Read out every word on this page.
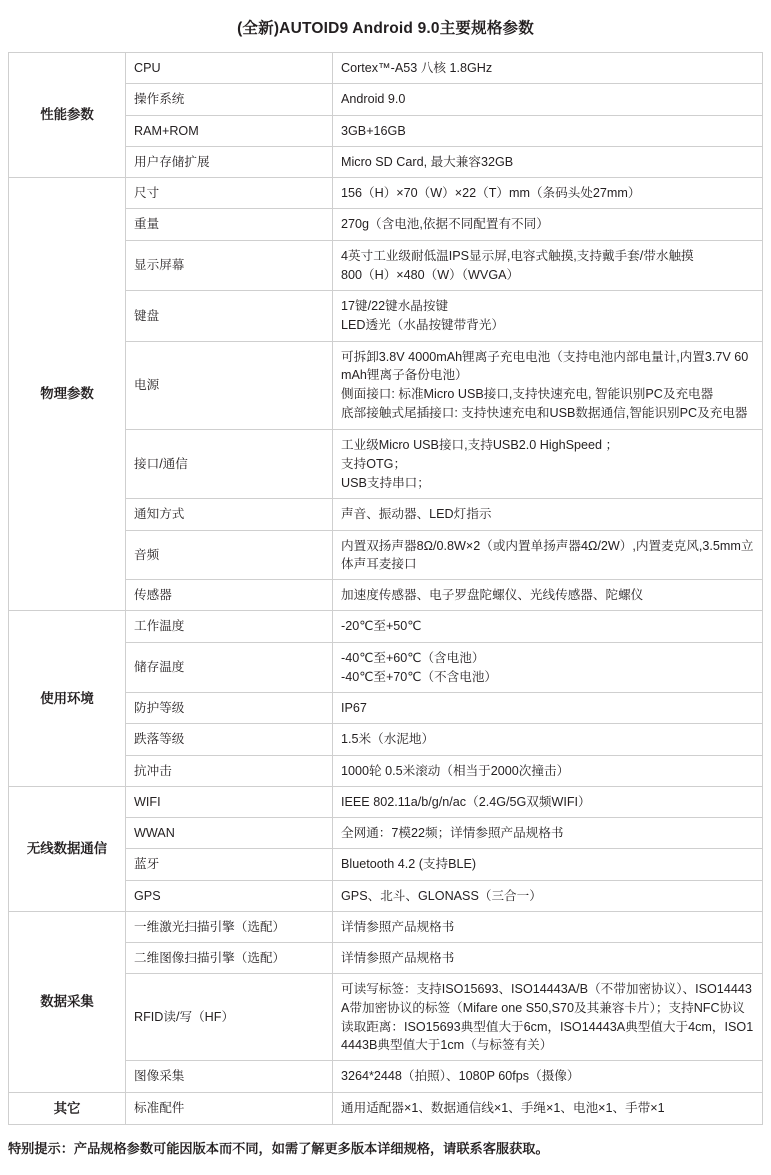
(全新)AUTOID9 Android 9.0主要规格参数
性能参数	CPU	Cortex™-A53 八核 1.8GHz

	操作系统	Android 9.0

	RAM+ROM	3GB+16GB

	用户存储扩展	Micro SD Card, 最大兼容32GB

物理参数	尺寸	156（H）×70（W）×22（T）mm（条码头处27mm）

	重量	270g（含电池,依据不同配置有不同）

	显示屏幕	4英寸工业级耐低温IPS显示屏,电容式触摸,支持戴手套/带水触摸
800（H）×480（W）（WVGA）

	键盘	17键/22键水晶按键
LED透光（水晶按键带背光）

	电源	可拆卸3.8V 4000mAh锂离子充电电池（支持电池内部电量计,内置3.7V 60mAh锂离子备份电池）
侧面接口: 标准Micro USB接口,支持快速充电, 智能识别PC及充电器
底部接触式尾插接口: 支持快速充电和USB数据通信,智能识别PC及充电器

	接口/通信	工业级Micro USB接口,支持USB2.0 HighSpeed ；
支持OTG；
USB支持串口；

	通知方式	声音、振动器、LED灯指示

	音频	内置双扬声器8Ω/0.8W×2（或内置单扬声器4Ω/2W）,内置麦克风,3.5mm立体声耳麦接口

	传感器	加速度传感器、电子罗盘陀螺仪、光线传感器、陀螺仪

使用环境	工作温度	-20℃至+50℃

	储存温度	-40℃至+60℃（含电池）
-40℃至+70℃（不含电池）

	防护等级	IP67

	跌落等级	1.5米（水泥地）

	抗冲击	1000轮 0.5米滚动（相当于2000次撞击）

无线数据通信	WIFI	IEEE 802.11a/b/g/n/ac（2.4G/5G双频WIFI）

	WWAN	全网通：7模22频；详情参照产品规格书

	蓝牙	Bluetooth 4.2 (支持BLE)

	GPS	GPS、北斗、GLONASS（三合一）

数据采集	一维激光扫描引擎（选配）	详情参照产品规格书

	二维图像扫描引擎（选配）	详情参照产品规格书

	RFID读/写（HF）	可读写标签：支持ISO15693、ISO14443A/B（不带加密协议）、ISO14443A带加密协议的标签（Mifare one S50,S70及其兼容卡片）；支持NFC协议
读取距离：ISO15693典型值大于6cm，ISO14443A典型值大于4cm，ISO14443B典型值大于1cm（与标签有关）

	图像采集	3264*2448（拍照）、1080P 60fps（摄像）

其它	标准配件	通用适配器×1、数据通信线×1、手绳×1、电池×1、手带×1
特别提示：产品规格参数可能因版本而不同，如需了解更多版本详细规格，请联系客服获取。
